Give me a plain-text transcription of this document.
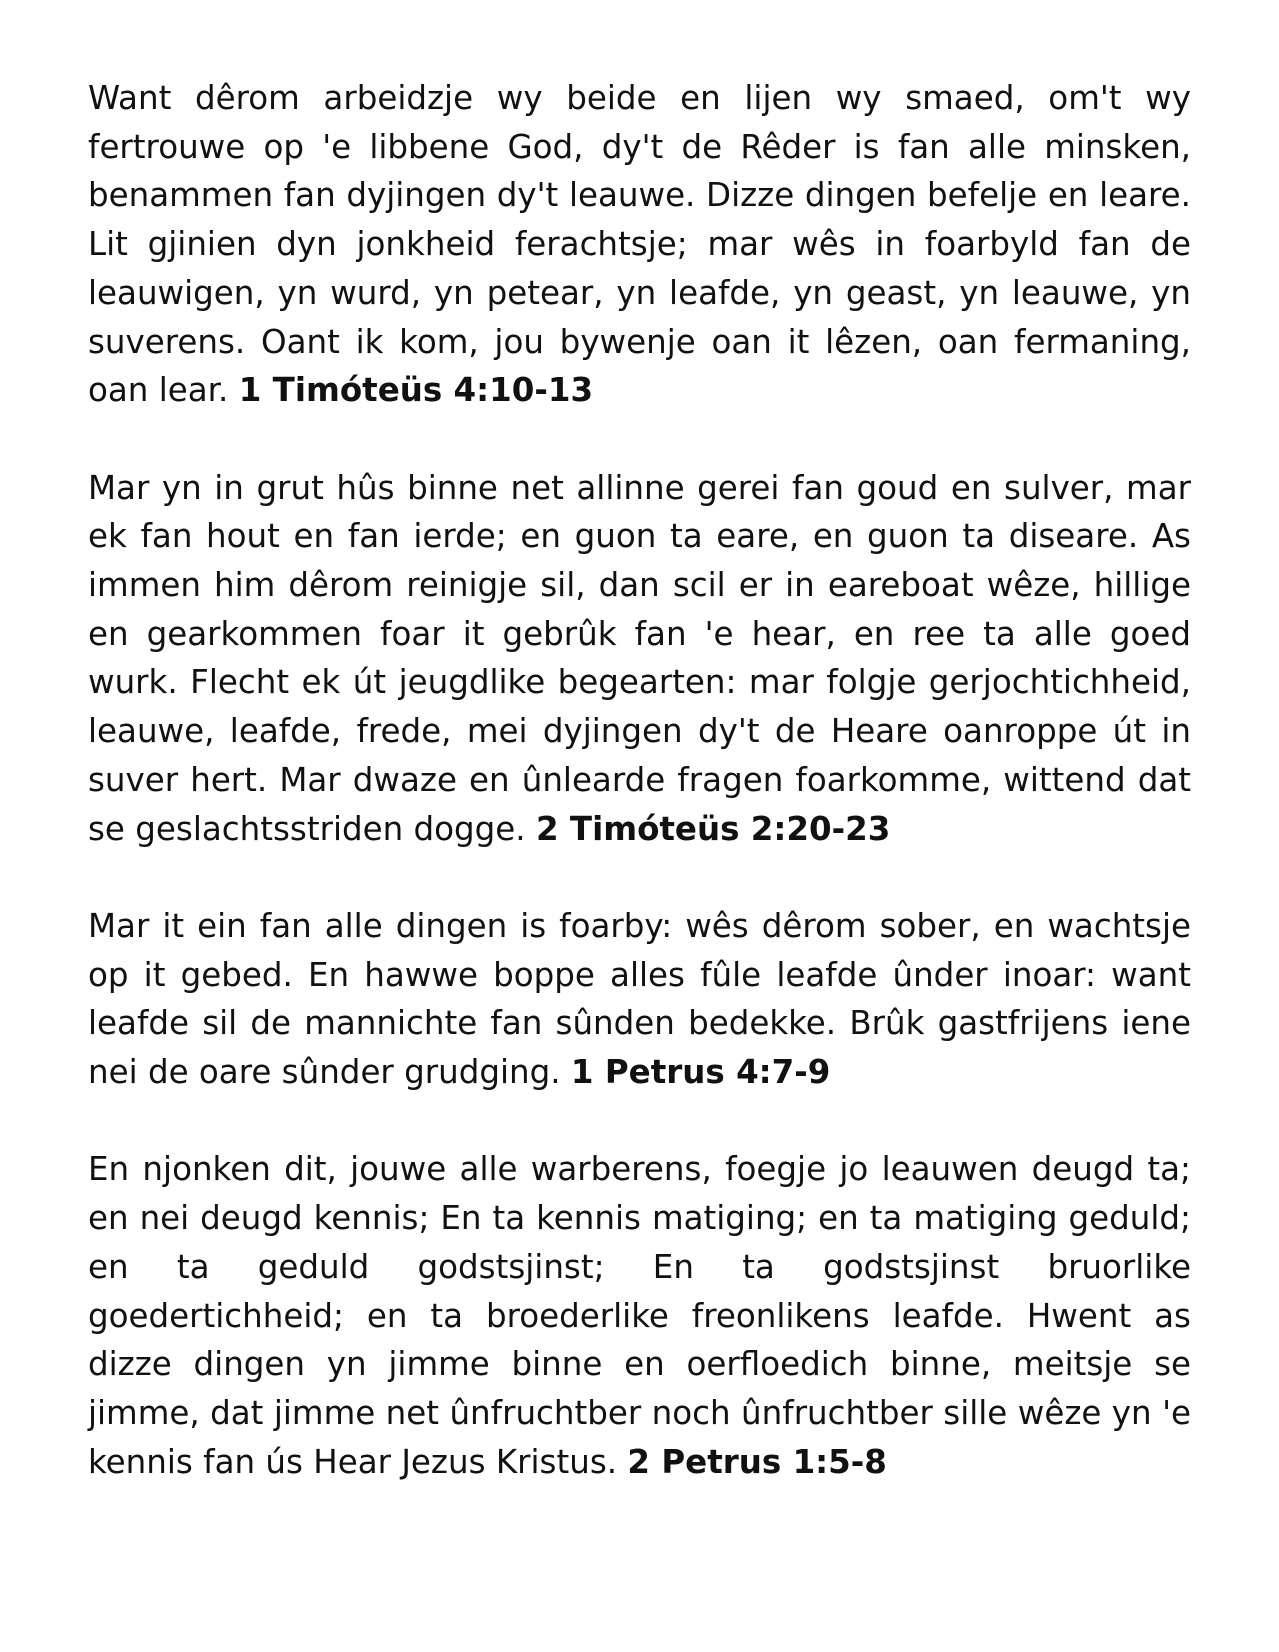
Want dêrom arbeidzje wy beide en lijen wy smaed, om't wy fertrouwe op 'e libbene God, dy't de Rêder is fan alle minsken, benammen fan dyjingen dy't leauwe. Dizze dingen befelje en leare. Lit gjinien dyn jonkheid ferachtsje; mar wês in foarbyld fan de leauwigen, yn wurd, yn petear, yn leafde, yn geast, yn leauwe, yn suverens. Oant ik kom, jou bywenje oan it lêzen, oan fermaning, oan lear. 1 Timóteüs 4:10-13

Mar yn in grut hûs binne net allinne gerei fan goud en sulver, mar ek fan hout en fan ierde; en guon ta eare, en guon ta diseare. As immen him dêrom reinigje sil, dan scil er in eareboat wêze, hillige en gearkommen foar it gebrûk fan 'e hear, en ree ta alle goed wurk. Flecht ek út jeugdlike begearten: mar folgje gerjochtichheid, leauwe, leafde, frede, mei dyjingen dy't de Heare oanroppe út in suver hert. Mar dwaze en ûnlearde fragen foarkomme, wittend dat se geslachtsstriden dogge. 2 Timóteüs 2:20-23

Mar it ein fan alle dingen is foarby: wês dêrom sober, en wachtsje op it gebed. En hawwe boppe alles fûle leafde ûnder inoar: want leafde sil de mannichte fan sûnden bedekke. Brûk gastfrijens iene nei de oare sûnder grudging. 1 Petrus 4:7-9

En njonken dit, jouwe alle warberens, foegje jo leauwen deugd ta; en nei deugd kennis; En ta kennis matiging; en ta matiging geduld; en ta geduld godstsjinst; En ta godstsjinst bruorlike goedertichheid; en ta broederlike freonlikens leafde. Hwent as dizze dingen yn jimme binne en oerfloedich binne, meitsje se jimme, dat jimme net ûnfruchtber noch ûnfruchtber sille wêze yn 'e kennis fan ús Hear Jezus Kristus. 2 Petrus 1:5-8
